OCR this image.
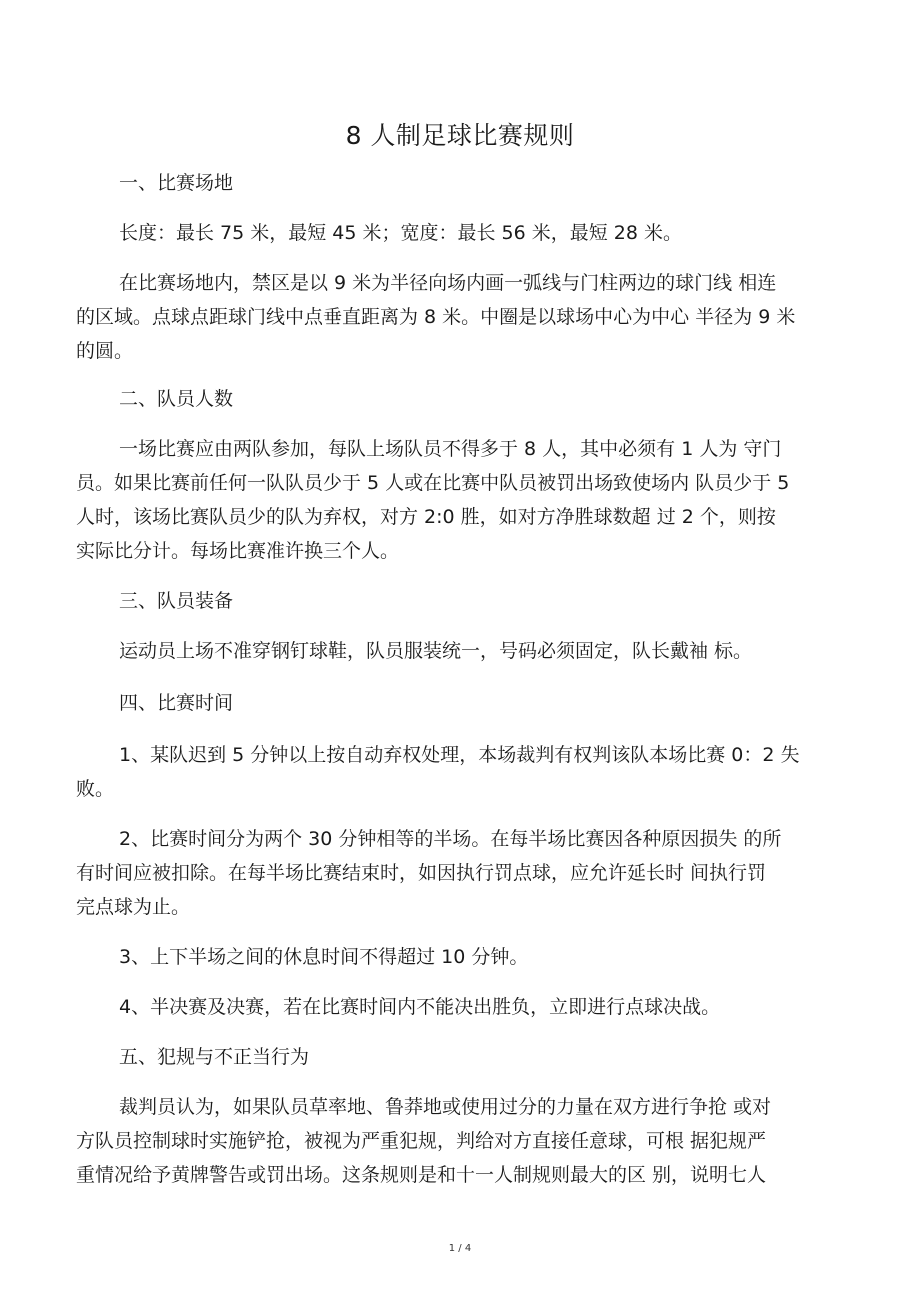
8 人制足球比赛规则
一、比赛场地
长度：最长 75 米，最短 45 米；宽度：最长 56 米，最短 28 米。
在比赛场地内，禁区是以 9 米为半径向场内画一弧线与门柱两边的球门线 相连
的区域。点球点距球门线中点垂直距离为 8 米。中圈是以球场中心为中心 半径为 9 米
的圆。
二、队员人数
一场比赛应由两队参加，每队上场队员不得多于 8 人，其中必须有 1 人为 守门
员。如果比赛前任何一队队员少于 5 人或在比赛中队员被罚出场致使场内 队员少于 5
人时，该场比赛队员少的队为弃权，对方 2:0 胜，如对方净胜球数超 过 2 个，则按
实际比分计。每场比赛准许换三个人。
三、队员装备
运动员上场不准穿钢钉球鞋，队员服装统一，号码必须固定，队长戴袖 标。
四、比赛时间
1、某队迟到 5 分钟以上按自动弃权处理，本场裁判有权判该队本场比赛 0：2 失
败。
2、比赛时间分为两个 30 分钟相等的半场。在每半场比赛因各种原因损失 的所
有时间应被扣除。在每半场比赛结束时，如因执行罚点球，应允许延长时 间执行罚
完点球为止。
3、上下半场之间的休息时间不得超过 10 分钟。
4、半决赛及决赛，若在比赛时间内不能决出胜负，立即进行点球决战。
五、犯规与不正当行为
裁判员认为，如果队员草率地、鲁莽地或使用过分的力量在双方进行争抢 或对
方队员控制球时实施铲抢，被视为严重犯规，判给对方直接任意球，可根 据犯规严
重情况给予黄牌警告或罚出场。这条规则是和十一人制规则最大的区 别，说明七人
1 / 4
